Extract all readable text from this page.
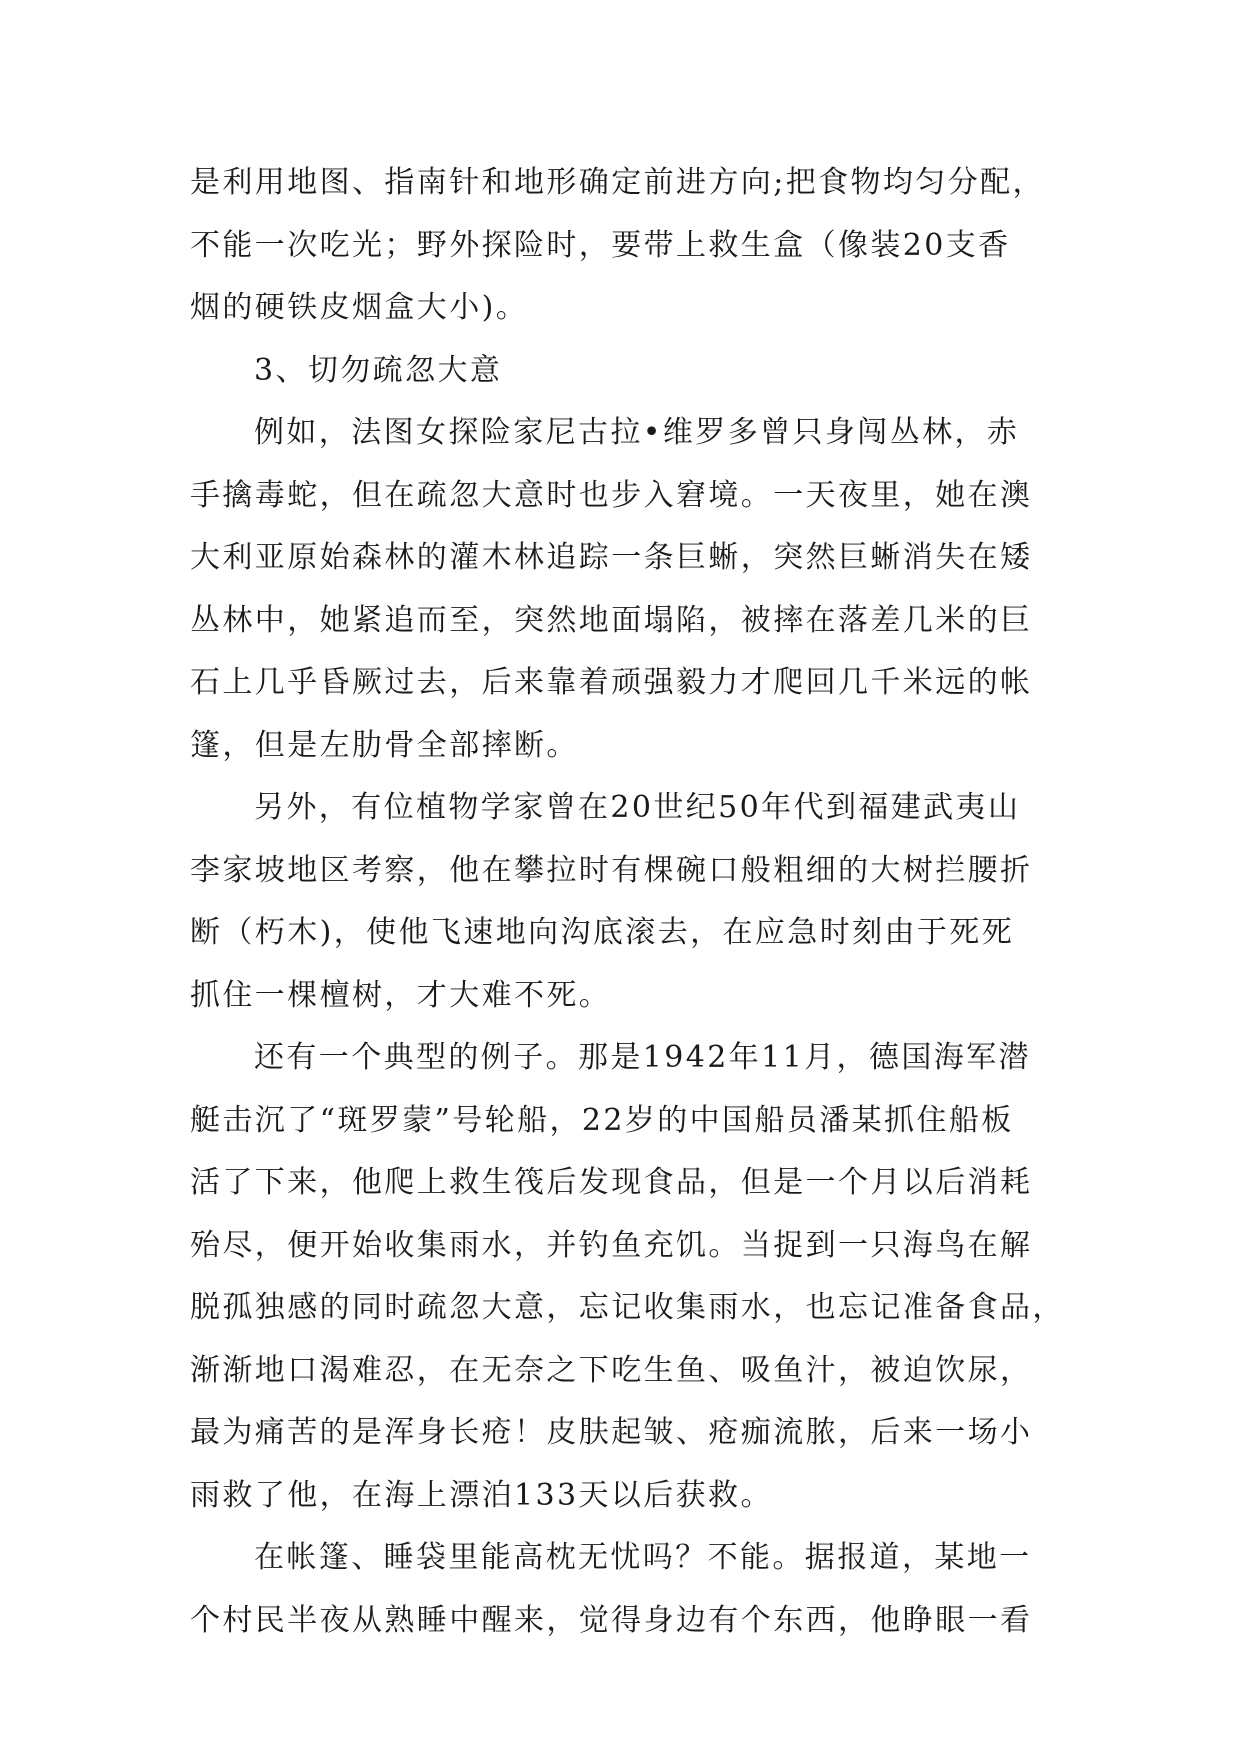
是利用地图、指南针和地形确定前进方向;把食物均匀分配，
不能一次吃光；野外探险时，要带上救生盒（像装20支香
烟的硬铁皮烟盒大小)。
3、切勿疏忽大意
例如，法图女探险家尼古拉•维罗多曾只身闯丛林，赤
手擒毒蛇，但在疏忽大意时也步入窘境。一天夜里，她在澳
大利亚原始森林的灌木林追踪一条巨蜥，突然巨蜥消失在矮
丛林中，她紧追而至，突然地面塌陷，被摔在落差几米的巨
石上几乎昏厥过去，后来靠着顽强毅力才爬回几千米远的帐
篷，但是左肋骨全部摔断。
另外，有位植物学家曾在20世纪50年代到福建武夷山
李家坡地区考察，他在攀拉时有棵碗口般粗细的大树拦腰折
断（朽木)，使他飞速地向沟底滚去，在应急时刻由于死死
抓住一棵檀树，才大难不死。
还有一个典型的例子。那是1942年11月，德国海军潜
艇击沉了“斑罗蒙”号轮船，22岁的中国船员潘某抓住船板
活了下来，他爬上救生筏后发现食品，但是一个月以后消耗
殆尽，便开始收集雨水，并钓鱼充饥。当捉到一只海鸟在解
脱孤独感的同时疏忽大意，忘记收集雨水，也忘记准备食品，
渐渐地口渴难忍，在无奈之下吃生鱼、吸鱼汁，被迫饮尿，
最为痛苦的是浑身长疮！皮肤起皱、疮痂流脓，后来一场小
雨救了他，在海上漂泊133天以后获救。
在帐篷、睡袋里能高枕无忧吗？不能。据报道，某地一
个村民半夜从熟睡中醒来，觉得身边有个东西，他睁眼一看
